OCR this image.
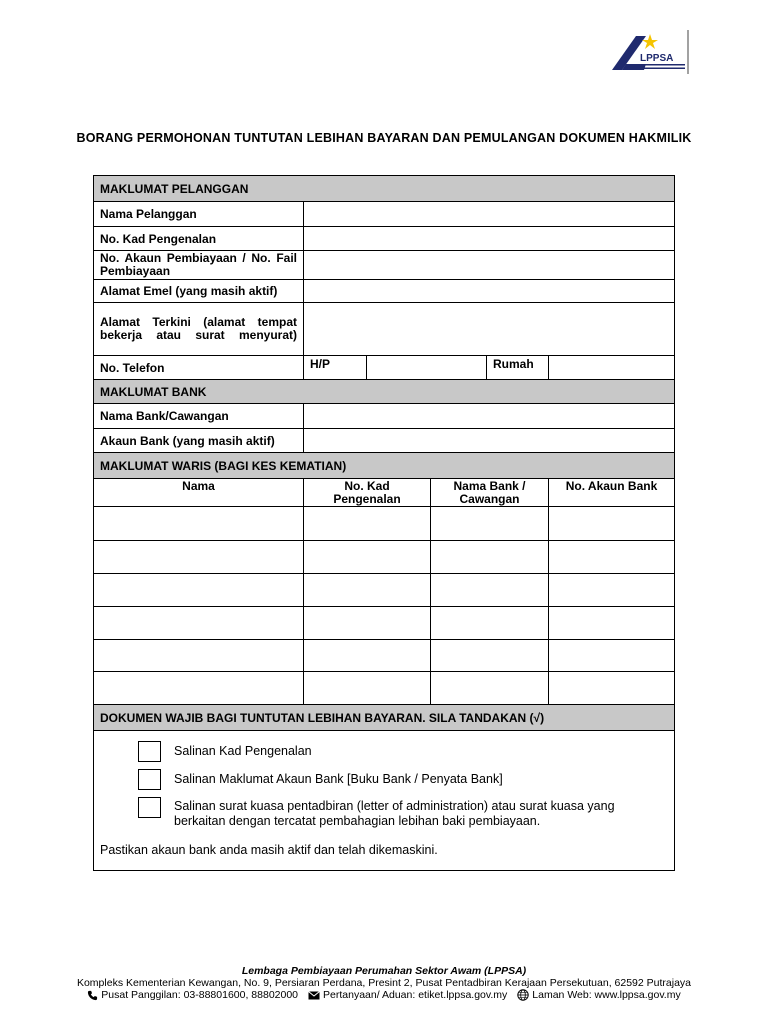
LPPSA
BORANG PERMOHONAN TUNTUTAN LEBIHAN BAYARAN DAN PEMULANGAN DOKUMEN HAKMILIK
MAKLUMAT PELANGGAN					
Nama Pelanggan					
No. Kad Pengenalan					

No. Akaun Pembiayaan / No. Fail Pembiayaan					

Alamat Emel (yang masih aktif)					

Alamat Terkini (alamat tempat bekerja atau surat menyurat)					

No. Telefon	H/P			Rumah	
MAKLUMAT BANK					
Nama Bank/Cawangan					
Akaun Bank (yang masih aktif)					
MAKLUMAT WARIS (BAGI KES KEMATIAN)					
Nama	No. Kad Pengenalan		Nama Bank / Cawangan		No. Akaun Bank

DOKUMEN WAJIB BAGI TUNTUTAN LEBIHAN BAYARAN. SILA TANDAKAN (√)					

Salinan Kad Pengenalan
Salinan Maklumat Akaun Bank [Buku Bank / Penyata Bank]
Salinan surat kuasa pentadbiran (letter of administration) atau surat kuasa yang berkaitan dengan tercatat pembahagian lebihan baki pembiayaan.
Pastikan akaun bank anda masih aktif dan telah dikemaskini.					
Lembaga Pembiayaan Perumahan Sektor Awam (LPPSA)
Kompleks Kementerian Kewangan, No. 9, Persiaran Perdana, Presint 2, Pusat Pentadbiran Kerajaan Persekutuan, 62592 Putrajaya
Pusat Panggilan: 03-88801600, 88802000 Pertanyaan/ Aduan: etiket.lppsa.gov.my Laman Web: www.lppsa.gov.my
